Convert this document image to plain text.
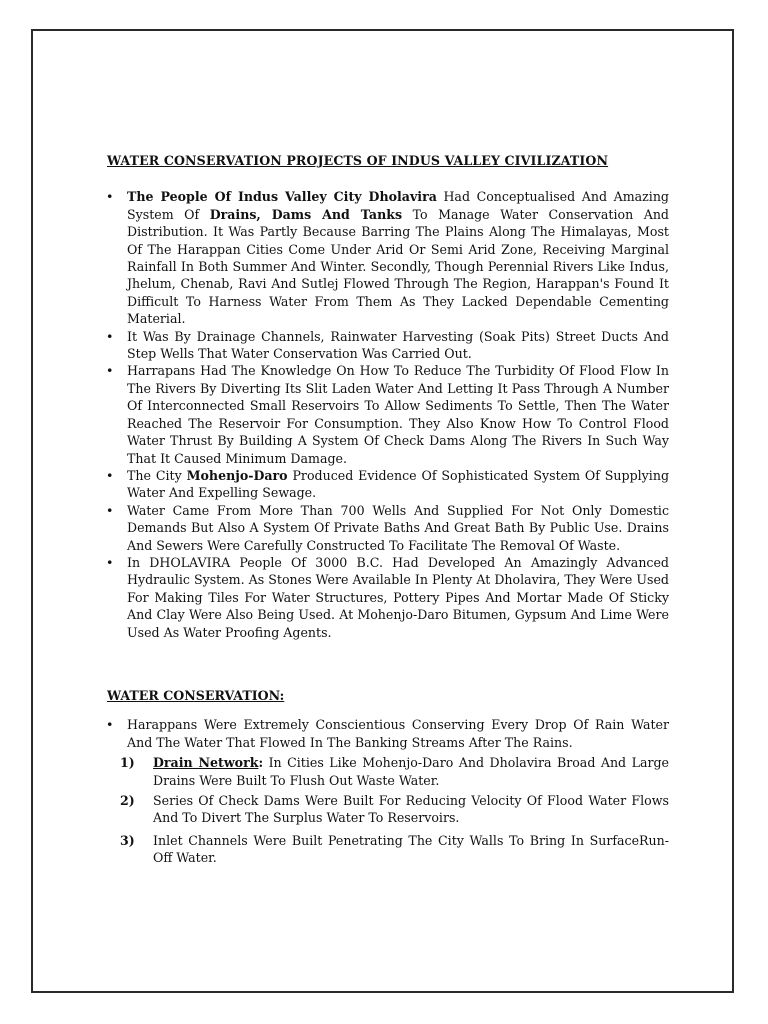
WATER CONSERVATION PROJECTS OF INDUS VALLEY CIVILIZATION
• The People Of Indus Valley City Dholavira Had Conceptualised And Amazing System Of Drains, Dams And Tanks To Manage Water Conservation And Distribution. It Was Partly Because Barring The Plains Along The Himalayas, Most Of The Harappan Cities Come Under Arid Or Semi Arid Zone, Receiving Marginal Rainfall In Both Summer And Winter. Secondly, Though Perennial Rivers Like Indus, Jhelum, Chenab, Ravi And Sutlej Flowed Through The Region, Harappan's Found It Difficult To Harness Water From Them As They Lacked Dependable Cementing Material.
• It Was By Drainage Channels, Rainwater Harvesting (Soak Pits) Street Ducts And Step Wells That Water Conservation Was Carried Out.
• Harrapans Had The Knowledge On How To Reduce The Turbidity Of Flood Flow In The Rivers By Diverting Its Slit Laden Water And Letting It Pass Through A Number Of Interconnected Small Reservoirs To Allow Sediments To Settle, Then The Water Reached The Reservoir For Consumption. They Also Know How To Control Flood Water Thrust By Building A System Of Check Dams Along The Rivers In Such Way That It Caused Minimum Damage.
• The City Mohenjo-Daro Produced Evidence Of Sophisticated System Of Supplying Water And Expelling Sewage.
• Water Came From More Than 700 Wells And Supplied For Not Only Domestic Demands But Also A System Of Private Baths And Great Bath By Public Use. Drains And Sewers Were Carefully Constructed To Facilitate The Removal Of Waste.
• In DHOLAVIRA People Of 3000 B.C. Had Developed An Amazingly Advanced Hydraulic System. As Stones Were Available In Plenty At Dholavira, They Were Used For Making Tiles For Water Structures, Pottery Pipes And Mortar Made Of Sticky And Clay Were Also Being Used. At Mohenjo-Daro Bitumen, Gypsum And Lime Were Used As Water Proofing Agents.
WATER CONSERVATION:
• Harappans Were Extremely Conscientious Conserving Every Drop Of Rain Water And The Water That Flowed In The Banking Streams After The Rains.
1) Drain Network: In Cities Like Mohenjo-Daro And Dholavira Broad And Large Drains Were Built To Flush Out Waste Water.
2) Series Of Check Dams Were Built For Reducing Velocity Of Flood Water Flows And To Divert The Surplus Water To Reservoirs.
3) Inlet Channels Were Built Penetrating The City Walls To Bring In SurfaceRun-Off Water.
